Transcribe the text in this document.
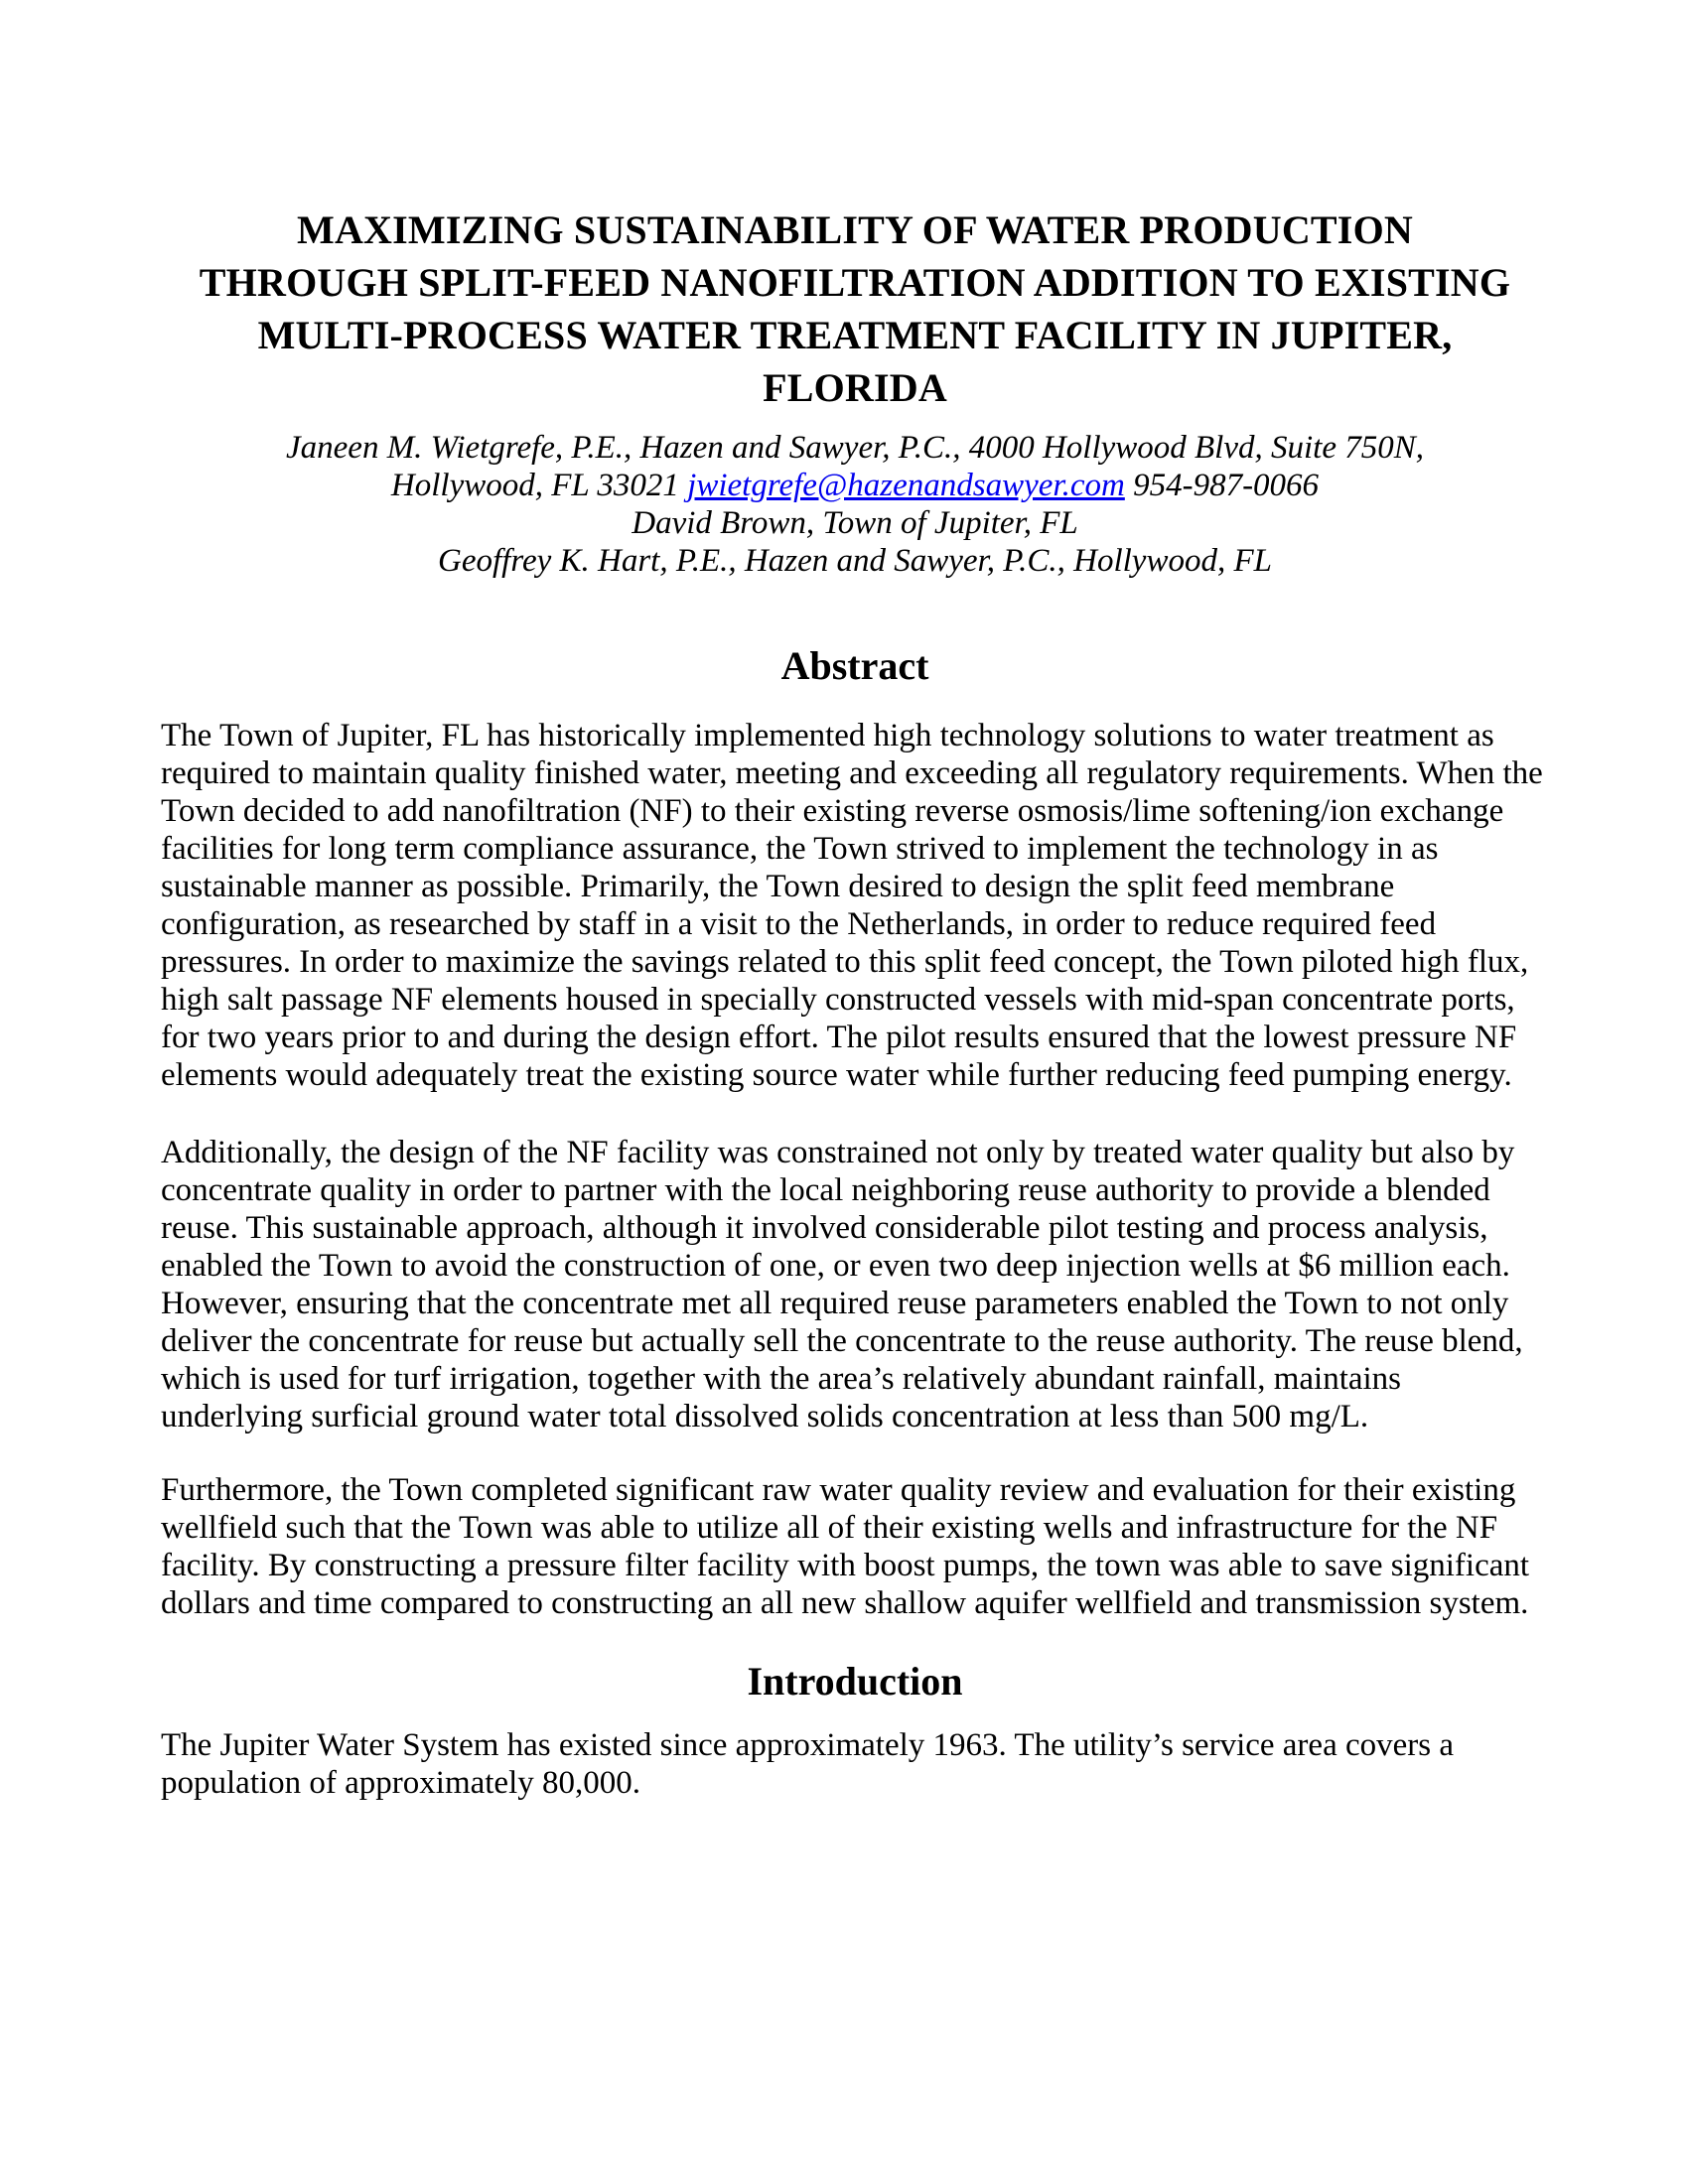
MAXIMIZING SUSTAINABILITY OF WATER PRODUCTION
THROUGH SPLIT-FEED NANOFILTRATION ADDITION TO EXISTING
MULTI-PROCESS WATER TREATMENT FACILITY IN JUPITER,
FLORIDA
Janeen M. Wietgrefe, P.E., Hazen and Sawyer, P.C., 4000 Hollywood Blvd, Suite 750N,
Hollywood, FL 33021 jwietgrefe@hazenandsawyer.com 954-987-0066
David Brown, Town of Jupiter, FL
Geoffrey K. Hart, P.E., Hazen and Sawyer, P.C., Hollywood, FL
Abstract

The Town of Jupiter, FL has historically implemented high technology solutions to water treatment as required to maintain quality finished water, meeting and exceeding all regulatory requirements. When the Town decided to add nanofiltration (NF) to their existing reverse osmosis/lime softening/ion exchange facilities for long term compliance assurance, the Town strived to implement the technology in as sustainable manner as possible. Primarily, the Town desired to design the split feed membrane configuration, as researched by staff in a visit to the Netherlands, in order to reduce required feed pressures. In order to maximize the savings related to this split feed concept, the Town piloted high flux, high salt passage NF elements housed in specially constructed vessels with mid-span concentrate ports, for two years prior to and during the design effort. The pilot results ensured that the lowest pressure NF elements would adequately treat the existing source water while further reducing feed pumping energy.

Additionally, the design of the NF facility was constrained not only by treated water quality but also by concentrate quality in order to partner with the local neighboring reuse authority to provide a blended reuse. This sustainable approach, although it involved considerable pilot testing and process analysis, enabled the Town to avoid the construction of one, or even two deep injection wells at $6 million each. However, ensuring that the concentrate met all required reuse parameters enabled the Town to not only deliver the concentrate for reuse but actually sell the concentrate to the reuse authority. The reuse blend, which is used for turf irrigation, together with the area’s relatively abundant rainfall, maintains underlying surficial ground water total dissolved solids concentration at less than 500 mg/L.

Furthermore, the Town completed significant raw water quality review and evaluation for their existing wellfield such that the Town was able to utilize all of their existing wells and infrastructure for the NF facility. By constructing a pressure filter facility with boost pumps, the town was able to save significant dollars and time compared to constructing an all new shallow aquifer wellfield and transmission system.

Introduction

The Jupiter Water System has existed since approximately 1963. The utility’s service area covers a population of approximately 80,000.
